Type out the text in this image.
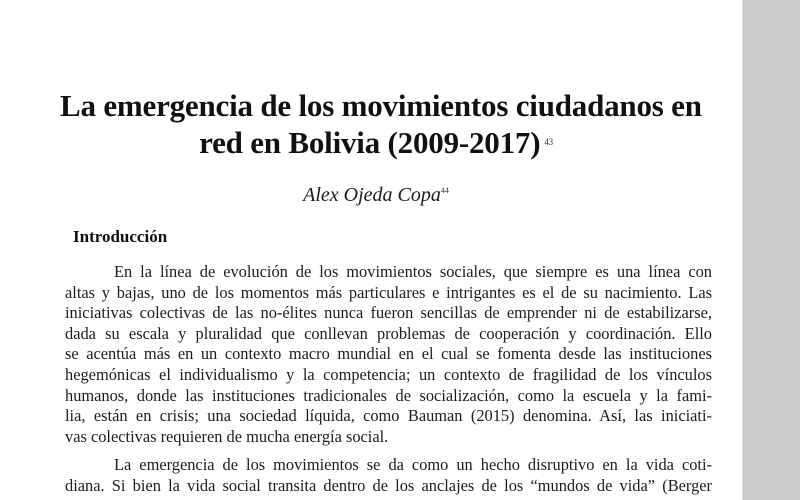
La emergencia de los movimientos ciudadanos en
red en Bolivia (2009-2017) $^{43}$
Alex Ojeda Copa$^{44}$
Introducción

En la línea de evolución de los movimientos sociales, que siempre es una línea con
altas y bajas, uno de los momentos más particulares e intrigantes es el de su nacimiento. Las
iniciativas colectivas de las no-élites nunca fueron sencillas de emprender ni de estabilizarse,
dada su escala y pluralidad que conllevan problemas de cooperación y coordinación. Ello
se acentúa más en un contexto macro mundial en el cual se fomenta desde las instituciones
hegemónicas el individualismo y la competencia; un contexto de fragilidad de los vínculos
humanos, donde las instituciones tradicionales de socialización, como la escuela y la fami-
lia, están en crisis; una sociedad líquida, como Bauman (2015) denomina. Así, las iniciati-
vas colectivas requieren de mucha energía social.

La emergencia de los movimientos se da como un hecho disruptivo en la vida coti-
diana. Si bien la vida social transita dentro de los anclajes de los “mundos de vida” (Berger
